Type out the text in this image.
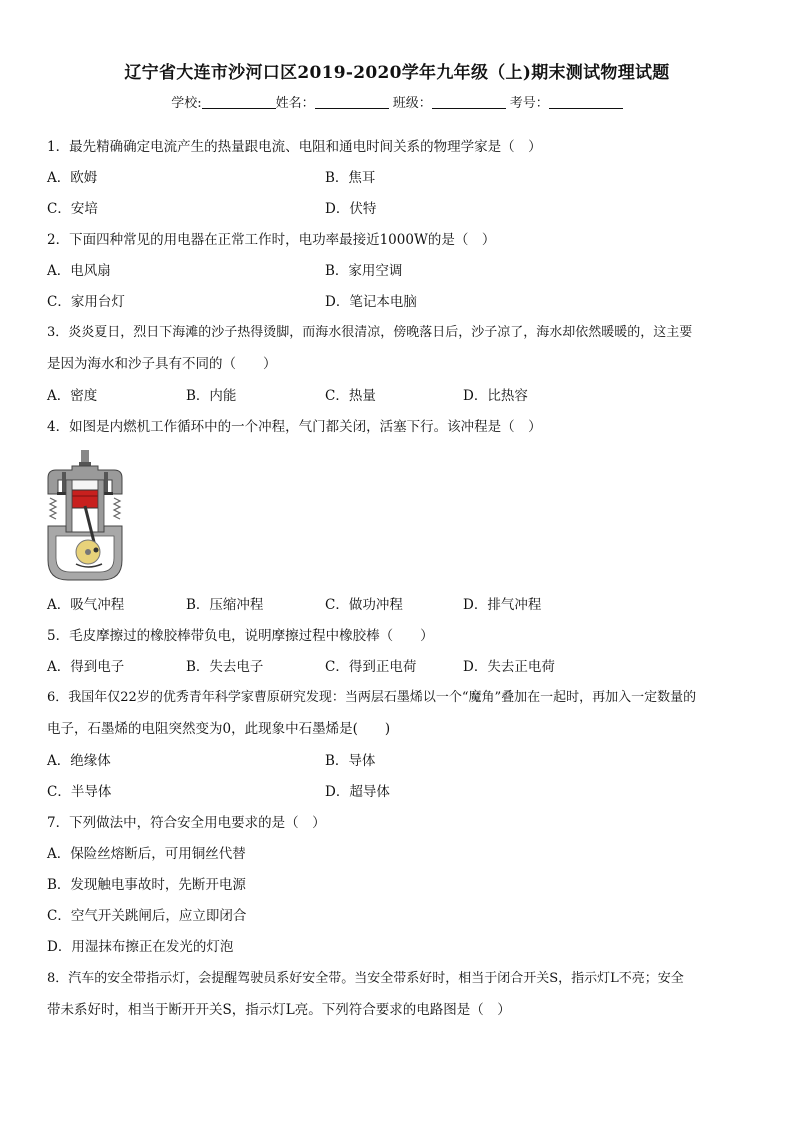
辽宁省大连市沙河口区2019-2020学年九年级（上)期末测试物理试题
学校:	姓名：	班级：	考号：
1．最先精确确定电流产生的热量跟电流、电阻和通电时间关系的物理学家是（　）
A．欧姆	B．焦耳
C．安培	D．伏特
2．下面四种常见的用电器在正常工作时，电功率最接近1000W的是（　）
A．电风扇	B．家用空调
C．家用台灯	D．笔记本电脑
3．炎炎夏日，烈日下海滩的沙子热得烫脚，而海水很清凉，傍晚落日后，沙子凉了，海水却依然暖暖的，这主要
是因为海水和沙子具有不同的（　　）
A．密度	B．内能	C．热量	D．比热容
4．如图是内燃机工作循环中的一个冲程，气门都关闭，活塞下行。该冲程是（　）
A．吸气冲程	B．压缩冲程	C．做功冲程	D．排气冲程
5．毛皮摩擦过的橡胶棒带负电，说明摩擦过程中橡胶棒（　　）
A．得到电子	B．失去电子	C．得到正电荷	D．失去正电荷
6．我国年仅22岁的优秀青年科学家曹原研究发现：当两层石墨烯以一个“魔角”叠加在一起时，再加入一定数量的
电子，石墨烯的电阻突然变为0，此现象中石墨烯是(　　)
A．绝缘体	B．导体
C．半导体	D．超导体
7．下列做法中，符合安全用电要求的是（　）
A．保险丝熔断后，可用铜丝代替
B．发现触电事故时，先断开电源
C．空气开关跳闸后，应立即闭合
D．用湿抹布擦正在发光的灯泡
8．汽车的安全带指示灯，会提醒驾驶员系好安全带。当安全带系好时，相当于闭合开关S，指示灯L不亮；安全
带未系好时，相当于断开开关S，指示灯L亮。下列符合要求的电路图是（　）
